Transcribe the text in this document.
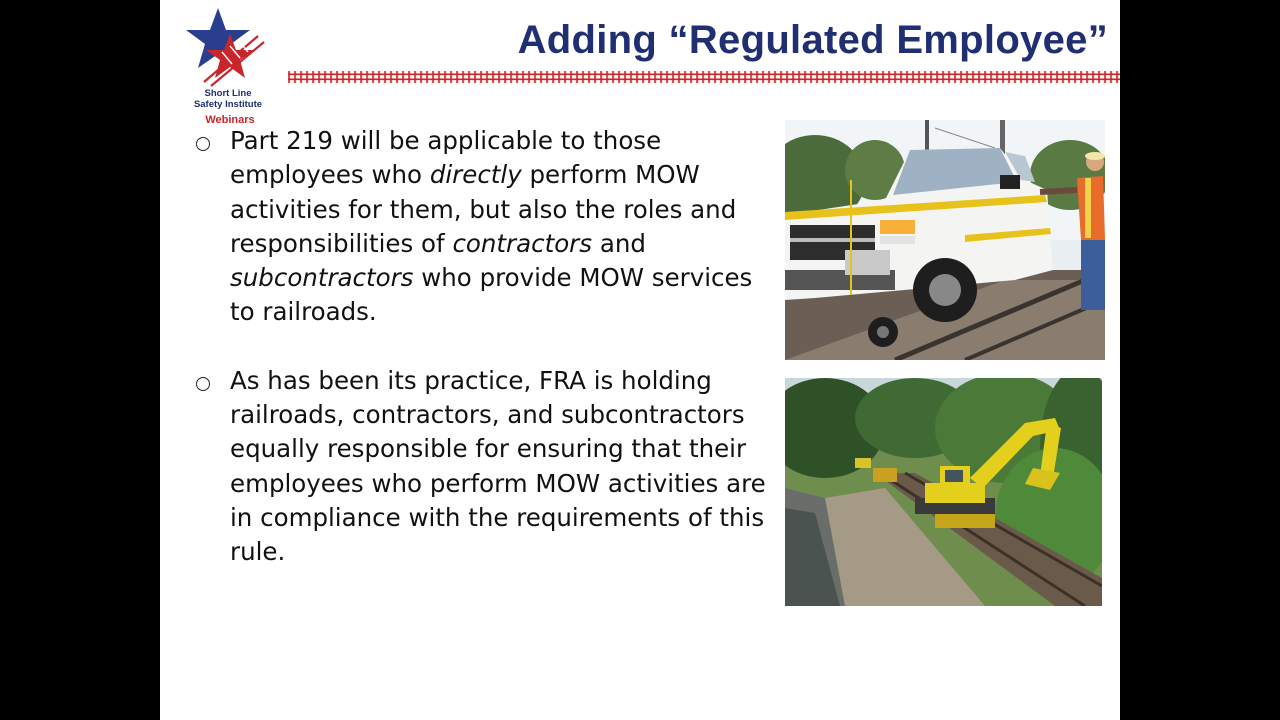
Short Line
Safety Institute
Webinars
Adding “Regulated Employee”
Part 219 will be applicable to those employees who directly perform MOW activities for them, but also the roles and responsibilities of contractors and subcontractors who provide MOW services to railroads.
As has been its practice, FRA is holding railroads, contractors, and subcontractors equally responsible for ensuring that their employees who perform MOW activities are in compliance with the requirements of this rule.
